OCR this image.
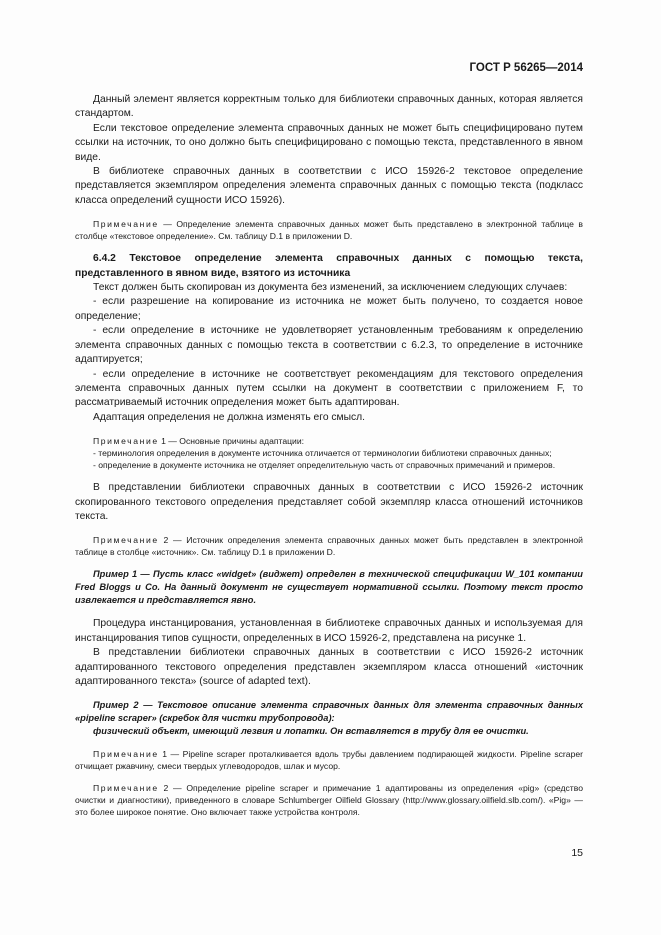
ГОСТ Р 56265—2014

Данный элемент является корректным только для библиотеки справочных данных, которая является стандартом.

Если текстовое определение элемента справочных данных не может быть специфицировано путем ссылки на источник, то оно должно быть специфицировано с помощью текста, представленного в явном виде.

В библиотеке справочных данных в соответствии с ИСО 15926-2 текстовое определение представляется экземпляром определения элемента справочных данных с помощью текста (подкласс класса определений сущности ИСО 15926).

Примечание — Определение элемента справочных данных может быть представлено в электронной таблице в столбце «текстовое определение». См. таблицу D.1 в приложении D.

6.4.2 Текстовое определение элемента справочных данных с помощью текста, представленного в явном виде, взятого из источника

Текст должен быть скопирован из документа без изменений, за исключением следующих случаев:

- если разрешение на копирование из источника не может быть получено, то создается новое определение;

- если определение в источнике не удовлетворяет установленным требованиям к определению элемента справочных данных с помощью текста в соответствии с 6.2.3, то определение в источнике адаптируется;

- если определение в источнике не соответствует рекомендациям для текстового определения элемента справочных данных путем ссылки на документ в соответствии с приложением F, то рассматриваемый источник определения может быть адаптирован.

Адаптация определения не должна изменять его смысл.

Примечание 1 — Основные причины адаптации:

- терминология определения в документе источника отличается от терминологии библиотеки справочных данных;

- определение в документе источника не отделяет определительную часть от справочных примечаний и примеров.

В представлении библиотеки справочных данных в соответствии с ИСО 15926-2 источник скопированного текстового определения представляет собой экземпляр класса отношений источников текста.

Примечание 2 — Источник определения элемента справочных данных может быть представлен в электронной таблице в столбце «источник». См. таблицу D.1 в приложении D.

Пример 1 — Пусть класс «widget» (виджет) определен в технической спецификации W_101 компании Fred Bloggs и Co. На данный документ не существует нормативной ссылки. Поэтому текст просто извлекается и представляется явно.

Процедура инстанцирования, установленная в библиотеке справочных данных и используемая для инстанцирования типов сущности, определенных в ИСО 15926-2, представлена на рисунке 1.

В представлении библиотеки справочных данных в соответствии с ИСО 15926-2 источник адаптированного текстового определения представлен экземпляром класса отношений «источник адаптированного текста» (source of adapted text).

Пример 2 — Текстовое описание элемента справочных данных для элемента справочных данных «pipeline scraper» (скребок для чистки трубопровода):

физический объект, имеющий лезвия и лопатки. Он вставляется в трубу для ее очистки.

Примечание 1 — Pipeline scraper проталкивается вдоль трубы давлением подпирающей жидкости. Pipeline scraper отчищает ржавчину, смеси твердых углеводородов, шлак и мусор.

Примечание 2 — Определение pipeline scraper и примечание 1 адаптированы из определения «pig» (средство очистки и диагностики), приведенного в словаре Schlumberger Oilfield Glossary (http://www.glossary.oilfield.slb.com/). «Pig» — это более широкое понятие. Оно включает также устройства контроля.

15
